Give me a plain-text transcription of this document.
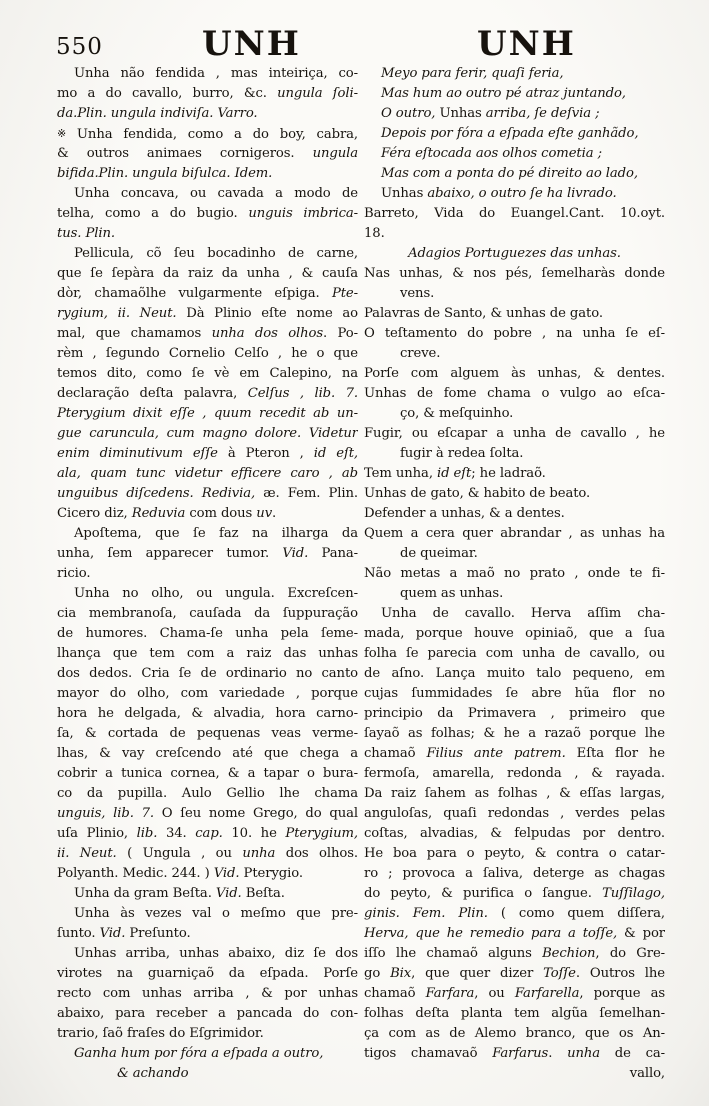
550	UNH	UNH
Unha não fendida , mas inteiriça, co-
mo a do cavallo, burro, &c. ungula ſoli-
da.Plin. ungula indiviſa. Varro.
※ Unha fendida, como a do boy, cabra,
& outros animaes cornigeros. ungula
bifida.Plin. ungula biſulca. Idem.
Unha concava, ou cavada a modo de
telha, como a do bugio. unguis imbrica-
tus. Plin.
Pellicula, cõ ſeu bocadinho de carne,
que ſe ſepàra da raiz da unha , & cauſa
dòr, chamaõlhe vulgarmente eſpiga. Pte-
rygium, ii. Neut. Dà Plinio eſte nome ao
mal, que chamamos unha dos olhos. Po-
rèm , ſegundo Cornelio Celſo , he o que
temos dito, como ſe vè em Calepino, na
declaração deſta palavra, Celſus , lib. 7.
Pterygium dixit eſſe , quum recedit ab un-
gue caruncula, cum magno dolore. Videtur
enim diminutivum eſſe à Pteron , id eſt,
ala, quam tunc videtur efficere caro , ab
unguibus diſcedens. Redivia, æ. Fem. Plin.
Cicero diz, Reduvia com dous uv.
Apoſtema, que ſe faz na ilharga da
unha, ſem apparecer tumor. Vid. Pana-
ricio.
Unha no olho, ou ungula. Excreſcen-
cia membranoſa, cauſada da ſuppuração
de humores. Chama-ſe unha pela ſeme-
lhança que tem com a raiz das unhas
dos dedos. Cria ſe de ordinario no canto
mayor do olho, com variedade , porque
hora he delgada, & alvadia, hora carno-
ſa, & cortada de pequenas veas verme-
lhas, & vay creſcendo até que chega a
cobrir a tunica cornea, & a tapar o bura-
co da pupilla. Aulo Gellio lhe chama
unguis, lib. 7. O ſeu nome Grego, do qual
uſa Plinio, lib. 34. cap. 10. he Pterygium,
ii. Neut. ( Ungula , ou unha dos olhos.
Polyanth. Medic. 244. ) Vid. Pterygio.
Unha da gram Beſta. Vid. Beſta.
Unha às vezes val o meſmo que pre-
ſunto. Vid. Preſunto.
Unhas arriba, unhas abaixo, diz ſe dos
virotes na guarniçaõ da eſpada. Porſe
recto com unhas arriba , & por unhas
abaixo, para receber a pancada do con-
trario, ſaõ fraſes do Eſgrimidor.
Ganha hum por fóra a eſpada a outro,
& achando
Meyo para ferir, quaſi feria,
Mas hum ao outro pé atraz juntando,
O outro, Unhas arriba, ſe deſvia ;
Depois por fóra a eſpada eſte ganhãdo,
Féra eſtocada aos olhos cometia ;
Mas com a ponta do pé direito ao lado,
Unhas abaixo, o outro ſe ha livrado.
Barreto, Vida do Euangel.Cant. 10.oyt.
18.
Adagios Portuguezes das unhas.
Nas unhas, & nos pés, ſemelharàs donde
vens.
Palavras de Santo, & unhas de gato.
O teſtamento do pobre , na unha ſe eſ-
creve.
Porſe com alguem às unhas, & dentes.
Unhas de fome chama o vulgo ao eſca-
ço, & meſquinho.
Fugir, ou eſcapar a unha de cavallo , he
fugir à redea ſolta.
Tem unha, id eſt; he ladraõ.
Unhas de gato, & habito de beato.
Defender a unhas, & a dentes.
Quem a cera quer abrandar , as unhas ha
de queimar.
Não metas a maõ no prato , onde te fi-
quem as unhas.
Unha de cavallo. Herva aſſim cha-
mada, porque houve opiniaõ, que a ſua
folha ſe parecia com unha de cavallo, ou
de aſno. Lança muito talo pequeno, em
cujas ſummidades ſe abre hũa flor no
principio da Primavera , primeiro que
ſayaõ as folhas; & he a razaõ porque lhe
chamaõ Filius ante patrem. Eſta flor he
fermoſa, amarella, redonda , & rayada.
Da raiz ſahem as folhas , & eſſas largas,
anguloſas, quaſi redondas , verdes pelas
coſtas, alvadias, & felpudas por dentro.
He boa para o peyto, & contra o catar-
ro ; provoca a ſaliva, deterge as chagas
do peyto, & purifica o ſangue. Tuſſilago,
ginis. Fem. Plin. ( como quem diſſera,
Herva, que he remedio para a toſſe, & por
iſſo lhe chamaõ alguns Bechion, do Gre-
go Bix, que quer dizer Toſſe. Outros lhe
chamaõ Farfara, ou Farfarella, porque as
folhas deſta planta tem algũa ſemelhan-
ça com as de Alemo branco, que os An-
tigos chamavaõ Farfarus. unha de ca-
vallo,
